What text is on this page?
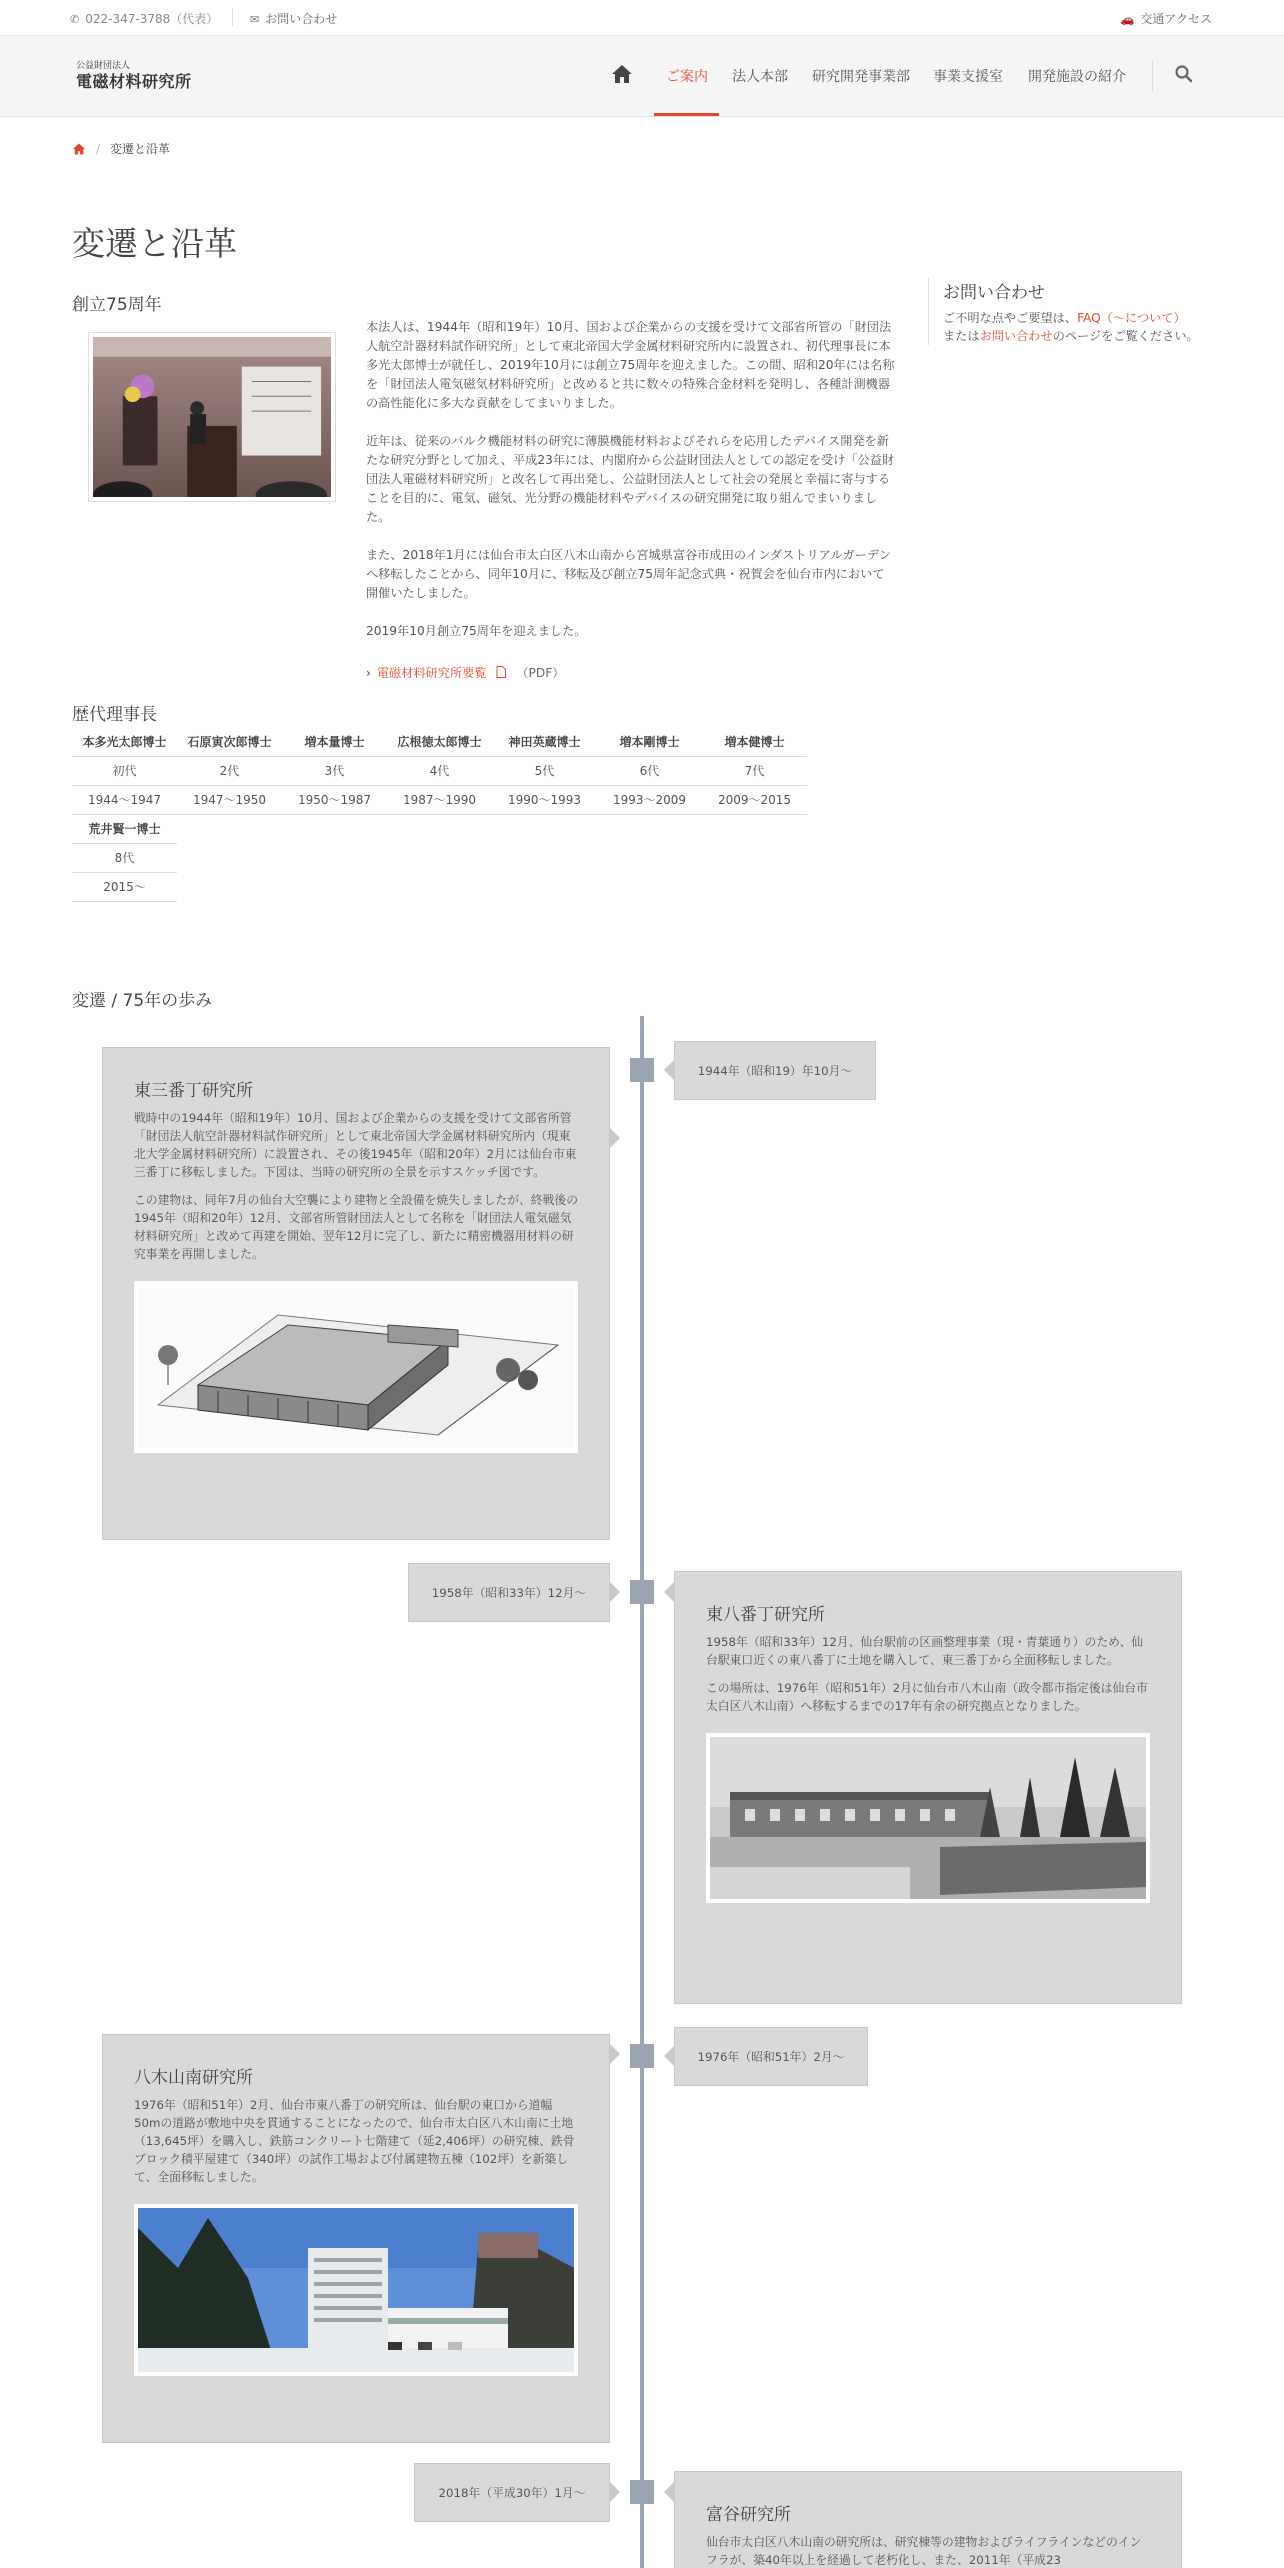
✆ 022-347-3788（代表）	✉ お問い合わせ	🚗 交通アクセス
公益財団法人
電磁材料研究所	ご案内 法人本部 研究開発事業部 事業支援室 開発施設の紹介
/ 変遷と沿革
変遷と沿革
創立75周年

本法人は、1944年（昭和19年）10月、国および企業からの支援を受けて文部省所管の「財団法人航空計器材料試作研究所」として東北帝国大学金属材料研究所内に設置され、初代理事長に本多光太郎博士が就任し、2019年10月には創立75周年を迎えました。この間、昭和20年には名称を「財団法人電気磁気材料研究所」と改めると共に数々の特殊合金材料を発明し、各種計測機器の高性能化に多大な貢献をしてまいりました。

近年は、従来のバルク機能材料の研究に薄膜機能材料およびそれらを応用したデバイス開発を新たな研究分野として加え、平成23年には、内閣府から公益財団法人としての認定を受け「公益財団法人電磁材料研究所」と改名して再出発し、公益財団法人として社会の発展と幸福に寄与することを目的に、電気、磁気、光分野の機能材料やデバイスの研究開発に取り組んでまいりました。

また、2018年1月には仙台市太白区八木山南から宮城県富谷市成田のインダストリアルガーデンへ移転したことから、同年10月に、移転及び創立75周年記念式典・祝賀会を仙台市内において開催いたしました。

2019年10月創立75周年を迎えました。

› 電磁材料研究所要覧 （PDF）
お問い合わせ

ご不明な点やご要望は、FAQ（～について）
またはお問い合わせのページをご覧ください。

歴代理事長
本多光太郎博士	石原寅次郎博士	増本量博士	広根徳太郎博士	神田英蔵博士	増本剛博士	増本健博士
初代	2代	3代	4代	5代	6代	7代
1944～1947	1947～1950	1950～1987	1987～1990	1990～1993	1993～2009	2009～2015
荒井賢一博士						
8代						
2015～						
変遷 / 75年の歩み
東三番丁研究所

戦時中の1944年（昭和19年）10月、国および企業からの支援を受けて文部省所管「財団法人航空計器材料試作研究所」として東北帝国大学金属材料研究所内（現東北大学金属材料研究所）に設置され、その後1945年（昭和20年）2月には仙台市東三番丁に移転しました。下図は、当時の研究所の全景を示すスケッチ図です。

この建物は、同年7月の仙台大空襲により建物と全設備を焼失しましたが、終戦後の1945年（昭和20年）12月、文部省所管財団法人として名称を「財団法人電気磁気材料研究所」と改めて再建を開始、翌年12月に完了し、新たに精密機器用材料の研究事業を再開しました。

1944年（昭和19）年10月～
1958年（昭和33年）12月～
東八番丁研究所

1958年（昭和33年）12月、仙台駅前の区画整理事業（現・青葉通り）のため、仙台駅東口近くの東八番丁に土地を購入して、東三番丁から全面移転しました。

この場所は、1976年（昭和51年）2月に仙台市八木山南（政令都市指定後は仙台市太白区八木山南）へ移転するまでの17年有余の研究拠点となりました。

八木山南研究所

1976年（昭和51年）2月、仙台市東八番丁の研究所は、仙台駅の東口から道幅50mの道路が敷地中央を貫通することになったので、仙台市太白区八木山南に土地（13,645坪）を購入し、鉄筋コンクリート七階建て（延2,406坪）の研究棟、鉄骨ブロック積平屋建て（340坪）の試作工場および付属建物五棟（102坪）を新築して、全面移転しました。

1976年（昭和51年）2月～
2018年（平成30年）1月～
富谷研究所

仙台市太白区八木山南の研究所は、研究棟等の建物およびライフラインなどのインフラが、築40年以上を経過して老朽化し、また、2011年（平成23
